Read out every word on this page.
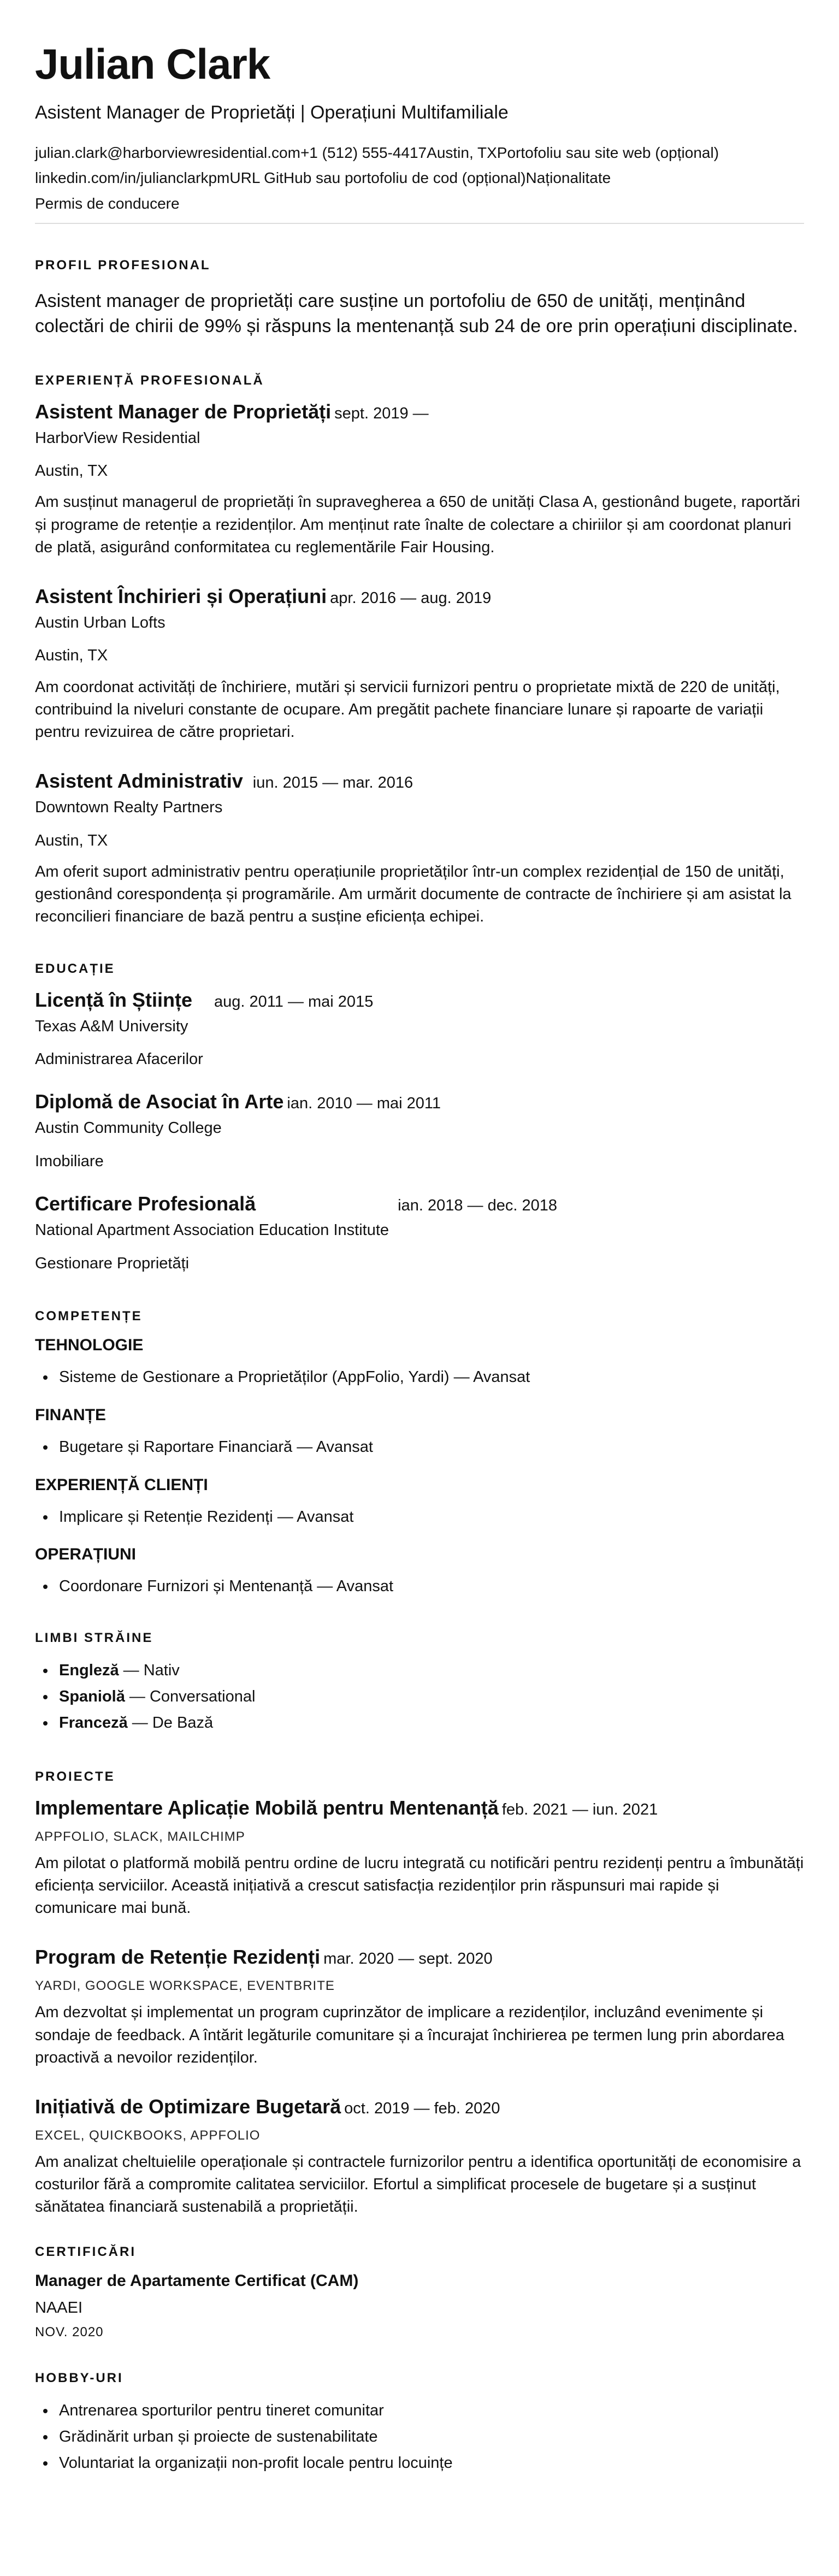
Julian Clark
Asistent Manager de Proprietăți | Operațiuni Multifamiliale
julian.clark@harborviewresidential.com +1 (512) 555-4417 Austin, TX Portofoliu sau site web (opțional)
linkedin.com/in/julianclarkpm URL GitHub sau portofoliu de cod (opțional) Naționalitate
Permis de conducere
PROFIL PROFESIONAL
Asistent manager de proprietăți care susține un portofoliu de 650 de unități, menținând colectări de chirii de 99% și răspuns la mentenanță sub 24 de ore prin operațiuni disciplinate.
EXPERIENȚĂ PROFESIONALĂ
Asistent Manager de Proprietăți sept. 2019 —
HarborView Residential
Austin, TX
Am susținut managerul de proprietăți în supravegherea a 650 de unități Clasa A, gestionând bugete, raportări și programe de retenție a rezidenților. Am menținut rate înalte de colectare a chiriilor și am coordonat planuri de plată, asigurând conformitatea cu reglementările Fair Housing.
Asistent Închirieri și Operațiuni apr. 2016 — aug. 2019
Austin Urban Lofts
Austin, TX
Am coordonat activități de închiriere, mutări și servicii furnizori pentru o proprietate mixtă de 220 de unități, contribuind la niveluri constante de ocupare. Am pregătit pachete financiare lunare și rapoarte de variații pentru revizuirea de către proprietari.
Asistent Administrativ iun. 2015 — mar. 2016
Downtown Realty Partners
Austin, TX
Am oferit suport administrativ pentru operațiunile proprietăților într-un complex rezidențial de 150 de unități, gestionând corespondența și programările. Am urmărit documente de contracte de închiriere și am asistat la reconcilieri financiare de bază pentru a susține eficiența echipei.
EDUCAȚIE
Licență în Științe aug. 2011 — mai 2015
Texas A&M University
Administrarea Afacerilor
Diplomă de Asociat în Arte ian. 2010 — mai 2011
Austin Community College
Imobiliare
Certificare Profesională	ian. 2018 — dec. 2018
National Apartment Association Education Institute
Gestionare Proprietăți
COMPETENȚE
TEHNOLOGIE
• Sisteme de Gestionare a Proprietăților (AppFolio, Yardi) — Avansat
FINANȚE
• Bugetare și Raportare Financiară — Avansat
EXPERIENȚĂ CLIENȚI
• Implicare și Retenție Rezidenți — Avansat
OPERAȚIUNI
• Coordonare Furnizori și Mentenanță — Avansat
LIMBI STRĂINE
• Engleză — Nativ
• Spaniolă — Conversational
• Franceză — De Bază
PROIECTE
Implementare Aplicație Mobilă pentru Mentenanță feb. 2021 — iun. 2021
APPFOLIO, SLACK, MAILCHIMP
Am pilotat o platformă mobilă pentru ordine de lucru integrată cu notificări pentru rezidenți pentru a îmbunătăți eficiența serviciilor. Această inițiativă a crescut satisfacția rezidenților prin răspunsuri mai rapide și comunicare mai bună.
Program de Retenție Rezidenți mar. 2020 — sept. 2020
YARDI, GOOGLE WORKSPACE, EVENTBRITE
Am dezvoltat și implementat un program cuprinzător de implicare a rezidenților, incluzând evenimente și sondaje de feedback. A întărit legăturile comunitare și a încurajat închirierea pe termen lung prin abordarea proactivă a nevoilor rezidenților.
Inițiativă de Optimizare Bugetară oct. 2019 — feb. 2020
EXCEL, QUICKBOOKS, APPFOLIO
Am analizat cheltuielile operaționale și contractele furnizorilor pentru a identifica oportunități de economisire a costurilor fără a compromite calitatea serviciilor. Efortul a simplificat procesele de bugetare și a susținut sănătatea financiară sustenabilă a proprietății.
CERTIFICĂRI
Manager de Apartamente Certificat (CAM)
NAAEI
NOV. 2020
HOBBY-URI
• Antrenarea sporturilor pentru tineret comunitar
• Grădinărit urban și proiecte de sustenabilitate
• Voluntariat la organizații non-profit locale pentru locuințe
